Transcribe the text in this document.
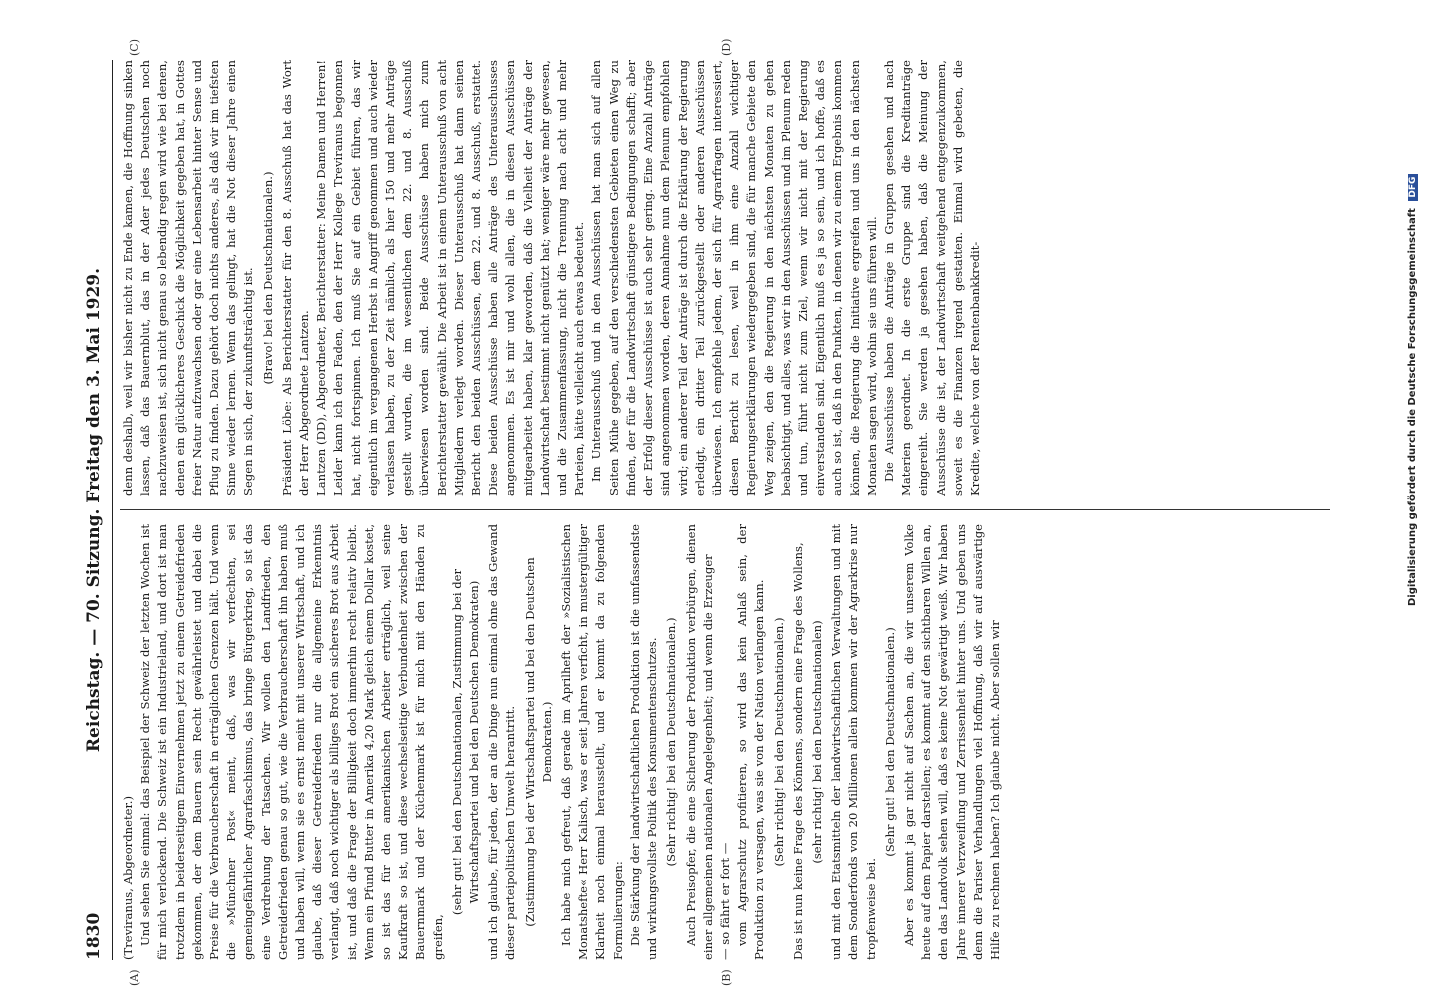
1830
Reichstag. — 70. Sitzung. Freitag den 3. Mai 1929.
(A)	(B)
(C)	(D)

(Treviranus, Abgeordneter.) Und sehen Sie einmal: das Beispiel der Schweiz der letzten Wochen ist für mich verlockend. Die Schweiz ist ein Industrieland, und dort ist man trotzdem in beiderseitigem Einvernehmen jetzt zu einem Getreidefrieden gekommen, der dem Bauern sein Recht gewährleistet und dabei die Preise für die Verbraucherschaft in erträglichen Grenzen hält. Und wenn die »Münchner Post« meint, daß, was wir verfechten, sei gemeingefährlicher Agrarfaschismus, das bringe Bürgerkrieg, so ist das eine Verdrehung der Tatsachen. Wir wollen den Landfrieden, den Getreidefrieden genau so gut, wie die Verbraucherschaft ihn haben muß und haben will, wenn sie es ernst meint mit unserer Wirtschaft, und ich glaube, daß dieser Getreidefrieden nur die allgemeine Erkenntnis verlangt, daß noch wichtiger als billiges Brot ein sicheres Brot aus Arbeit ist, und daß die Frage der Billigkeit doch immerhin recht relativ bleibt. Wenn ein Pfund Butter in Amerika 4,20 Mark gleich einem Dollar kostet, so ist das für den amerikanischen Arbeiter erträglich, weil seine Kaufkraft so ist, und diese wechselseitige Verbundenheit zwischen der Bauernmark und der Küchenmark ist für mich mit den Händen zu greifen,

(sehr gut! bei den Deutschnationalen, Zustimmung bei der Wirtschaftspartei und bei den Deutschen Demokraten) und ich glaube, für jeden, der an die Dinge nun einmal ohne das Gewand dieser parteipolitischen Umwelt herantritt. (Zustimmung bei der Wirtschaftspartei und bei den Deutschen Demokraten.) Ich habe mich gefreut, daß gerade im Aprilheft der »Sozialistischen Monatshefte« Herr Kalisch, was er seit Jahren verficht, in mustergültiger Klarheit noch einmal herausstellt, und er kommt da zu folgenden Formulierungen: Die Stärkung der landwirtschaftlichen Produktion ist die umfassendste und wirkungsvollste Politik des Konsumentenschutzes. (Sehr richtig! bei den Deutschnationalen.) Auch Preisopfer, die eine Sicherung der Produktion verbürgen, dienen einer allgemeinen nationalen Angelegenheit; und wenn die Erzeuger — so fährt er fort — vom Agrarschutz profitieren, so wird das kein Anlaß sein, der Produktion zu versagen, was sie von der Nation verlangen kann. (Sehr richtig! bei den Deutschnationalen.) Das ist nun keine Frage des Könnens, sondern eine Frage des Wollens, (sehr richtig! bei den Deutschnationalen) und mit den Etatsmitteln der landwirtschaftlichen Verwaltungen und mit dem Sonderfonds von 20 Millionen allein kommen wir der Agrarkrise nur tropfenweise bei.

(Sehr gut! bei den Deutschnationalen.) Aber es kommt ja gar nicht auf Sachen an, die wir unserem Volke heute auf dem Papier darstellen; es kommt auf den sichtbaren Willen an, den das Landvolk sehen will, daß es keine Not gewärtigt weiß. Wir haben Jahre innerer Verzweiflung und Zerrissenheit hinter uns. Und geben uns denn die Pariser Verhandlungen viel Hoffnung, daß wir auf auswärtige Hilfe zu rechnen haben? Ich glaube nicht. Aber sollen wir

denn deshalb, weil wir bisher nicht zu Ende kamen, die Hoffnung sinken lassen, daß das Bauernblut, das in der Ader jedes Deutschen noch nachzuweisen ist, sich nicht genau so lebendig regen wird wie bei denen, denen ein glücklicheres Geschick die Möglichkeit gegeben hat, in Gottes freier Natur aufzuwachsen oder gar eine Lebensarbeit hinter Sense und Pflug zu finden. Dazu gehört doch nichts anderes, als daß wir im tiefsten Sinne wieder lernen. Wenn das gelingt, hat die Not dieser Jahre einen Segen in sich, der zukunftsträchtig ist. (Bravo! bei den Deutschnationalen.) Präsident Löbe: Als Berichterstatter für den 8. Ausschuß hat das Wort der Herr Abgeordnete Lantzen. Lantzen (DD), Abgeordneter, Berichterstatter: Meine Damen und Herren! Leider kann ich den Faden, den der Herr Kollege Treviranus begonnen hat, nicht fortspinnen. Ich muß Sie auf ein Gebiet führen, das wir eigentlich im vergangenen Herbst in Angriff genommen und auch wieder verlassen haben, zu der Zeit nämlich, als hier 150 und mehr Anträge gestellt wurden, die im wesentlichen dem 22. und 8. Ausschuß überwiesen worden sind. Beide Ausschüsse haben mich zum Berichterstatter gewählt. Die Arbeit ist in einem Unterausschuß von acht Mitgliedern verlegt worden. Dieser Unterausschuß hat dann seinen Bericht den beiden Ausschüssen, dem 22. und 8. Ausschuß, erstattet. Diese beiden Ausschüsse haben alle Anträge des Unterausschusses angenommen. Es ist mir und wohl allen, die in diesen Ausschüssen mitgearbeitet haben, klar geworden, daß die Vielheit der Anträge der Landwirtschaft bestimmt nicht genützt hat; weniger wäre mehr gewesen, und die Zusammenfassung, nicht die Trennung nach acht und mehr Parteien, hätte vielleicht auch etwas bedeutet. Im Unterausschuß und in den Ausschüssen hat man sich auf allen Seiten Mühe gegeben, auf den verschiedensten Gebieten einen Weg zu finden, der für die Landwirtschaft günstigere Bedingungen schafft; aber der Erfolg dieser Ausschüsse ist auch sehr gering. Eine Anzahl Anträge sind angenommen worden, deren Annahme nun dem Plenum empfohlen wird; ein anderer Teil der Anträge ist durch die Erklärung der Regierung erledigt, ein dritter Teil zurückgestellt oder anderen Ausschüssen überwiesen. Ich empfehle jedem, der sich für Agrarfragen interessiert, diesen Bericht zu lesen, weil in ihm eine Anzahl wichtiger Regierungserklärungen wiedergegeben sind, die für manche Gebiete den Weg zeigen, den die Regierung in den nächsten Monaten zu gehen beabsichtigt, und alles, was wir in den Ausschüssen und im Plenum reden und tun, führt nicht zum Ziel, wenn wir nicht mit der Regierung einverstanden sind. Eigentlich muß es ja so sein, und ich hoffe, daß es auch so ist, daß in den Punkten, in denen wir zu einem Ergebnis kommen können, die Regierung die Initiative ergreifen und uns in den nächsten Monaten sagen wird, wohin sie uns führen will. Die Ausschüsse haben die Anträge in Gruppen gesehen und nach Materien geordnet. In die erste Gruppe sind die Kreditanträge eingereiht. Sie werden ja gesehen haben, daß die Meinung der Ausschüsse die ist, der Landwirtschaft weitgehend entgegenzukommen, soweit es die Finanzen irgend gestatten. Einmal wird gebeten, die Kredite, welche von der Rentenbankkredit-	Digitalisierung gefördert durch die Deutsche Forschungsgemeinschaft DFG
